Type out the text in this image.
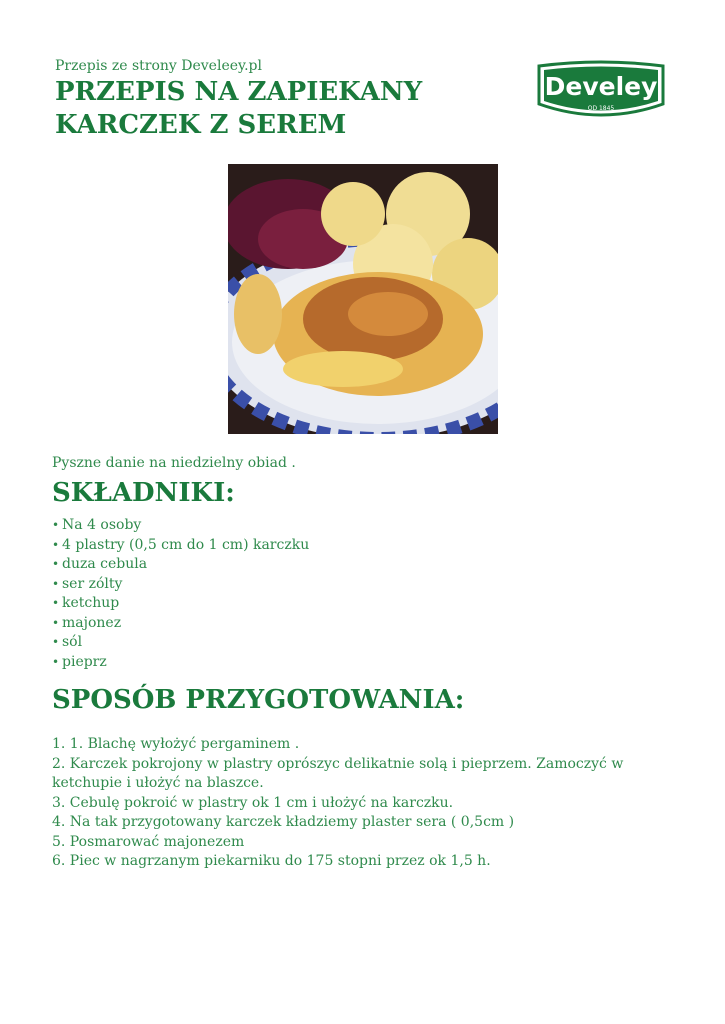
Przepis ze strony Develeey.pl
PRZEPIS NA ZAPIEKANY
KARCZEK Z SEREM
Develey
OD 1845
Pyszne danie na niedzielny obiad .
SKŁADNIKI:
• Na 4 osoby
• 4 plastry (0,5 cm do 1 cm) karczku
• duza cebula
• ser zólty
• ketchup
• majonez
• sól
• pieprz
SPOSÓB PRZYGOTOWANIA:
1. 1. Blachę wyłożyć pergaminem .
2. Karczek pokrojony w plastry oprószyc delikatnie solą i pieprzem. Zamoczyć w ketchupie i ułożyć na blaszce.
3. Cebulę pokroić w plastry ok 1 cm i ułożyć na karczku.
4. Na tak przygotowany karczek kładziemy plaster sera ( 0,5cm )
5. Posmarować majonezem
6. Piec w nagrzanym piekarniku do 175 stopni przez ok 1,5 h.
